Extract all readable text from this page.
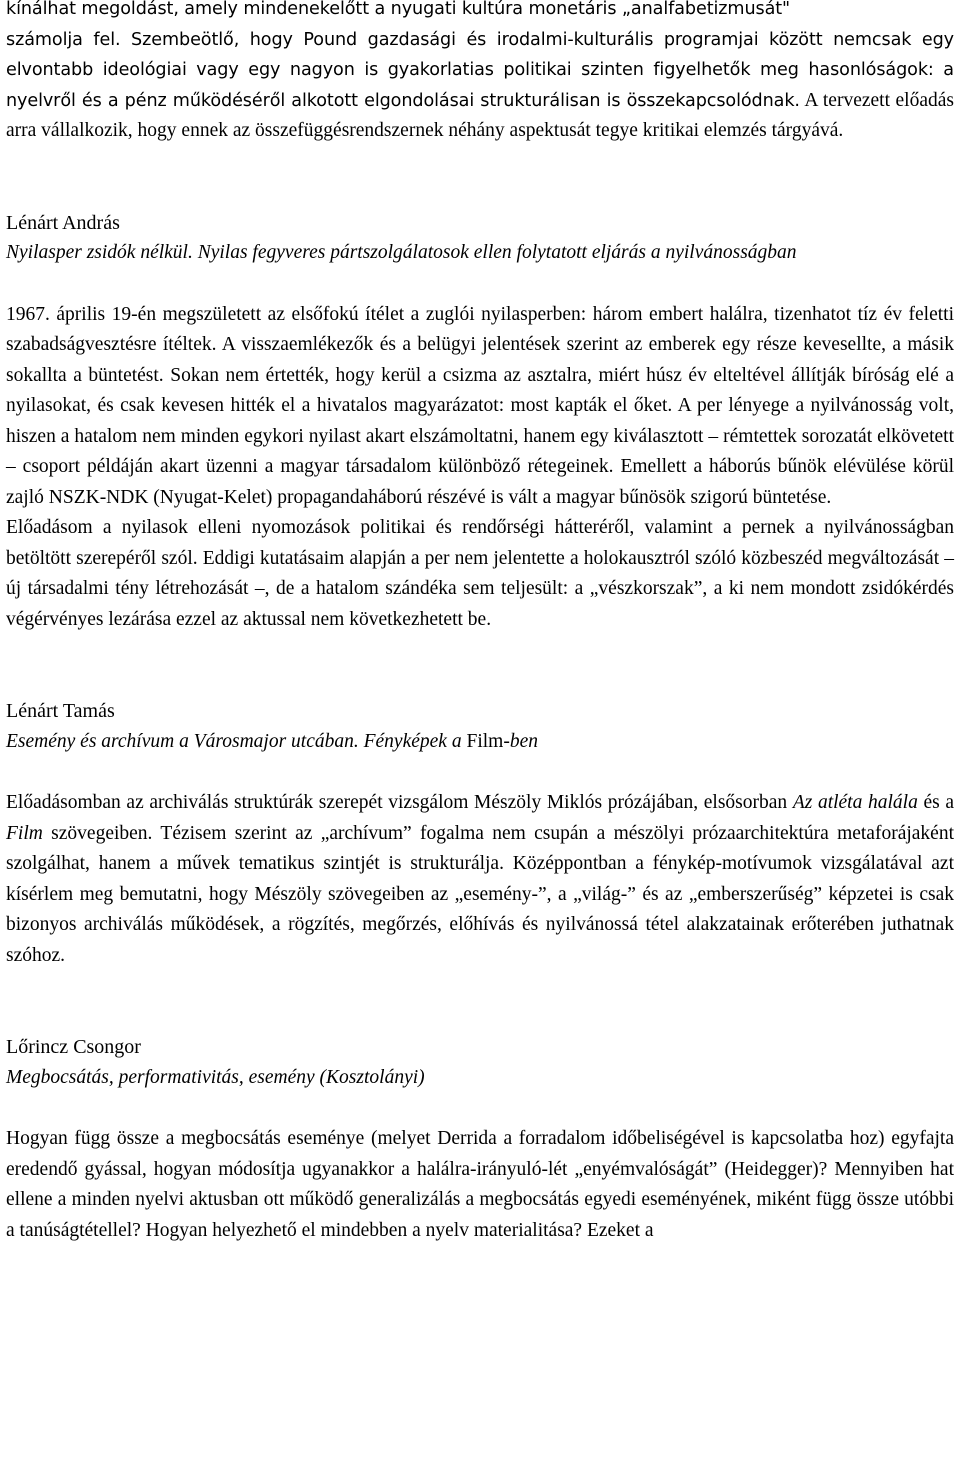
kínálhat megoldást, amely mindenekelőtt a nyugati kultúra monetáris „analfabetizmusát"
számolja fel. Szembeötlő, hogy Pound gazdasági és irodalmi-kulturális programjai között nemcsak egy elvontabb ideológiai vagy egy nagyon is gyakorlatias politikai szinten figyelhetők meg hasonlóságok: a nyelvről és a pénz működéséről alkotott elgondolásai strukturálisan is összekapcsolódnak. A tervezett előadás arra vállalkozik, hogy ennek az összefüggésrendszernek néhány aspektusát tegye kritikai elemzés tárgyává.

Lénárt András

Nyilasper zsidók nélkül. Nyilas fegyveres pártszolgálatosok ellen folytatott eljárás a nyilvánosságban

1967. április 19-én megszületett az elsőfokú ítélet a zuglói nyilasperben: három embert halálra, tizenhatot tíz év feletti szabadságvesztésre ítéltek. A visszaemlékezők és a belügyi jelentések szerint az emberek egy része kevesellte, a másik sokallta a büntetést. Sokan nem értették, hogy kerül a csizma az asztalra, miért húsz év elteltével állítják bíróság elé a nyilasokat, és csak kevesen hitték el a hivatalos magyarázatot: most kapták el őket. A per lényege a nyilvánosság volt, hiszen a hatalom nem minden egykori nyilast akart elszámoltatni, hanem egy kiválasztott – rémtettek sorozatát elkövetett – csoport példáján akart üzenni a magyar társadalom különböző rétegeinek. Emellett a háborús bűnök elévülése körül zajló NSZK-NDK (Nyugat-Kelet) propagandaháború részévé is vált a magyar bűnösök szigorú büntetése.

Előadásom a nyilasok elleni nyomozások politikai és rendőrségi hátteréről, valamint a pernek a nyilvánosságban betöltött szerepéről szól. Eddigi kutatásaim alapján a per nem jelentette a holokausztról szóló közbeszéd megváltozását – új társadalmi tény létrehozását –, de a hatalom szándéka sem teljesült: a „vészkorszak”, a ki nem mondott zsidókérdés végérvényes lezárása ezzel az aktussal nem következhetett be.

Lénárt Tamás

Esemény és archívum a Városmajor utcában. Fényképek a Film-ben

Előadásomban az archiválás struktúrák szerepét vizsgálom Mészöly Miklós prózájában, elsősorban Az atléta halála és a Film szövegeiben. Tézisem szerint az „archívum” fogalma nem csupán a mészölyi prózaarchitektúra metaforájaként szolgálhat, hanem a művek tematikus szintjét is strukturálja. Középpontban a fénykép-motívumok vizsgálatával azt kísérlem meg bemutatni, hogy Mészöly szövegeiben az „esemény-”, a „világ-” és az „emberszerűség” képzetei is csak bizonyos archiválás működések, a rögzítés, megőrzés, előhívás és nyilvánossá tétel alakzatainak erőterében juthatnak szóhoz.

Lőrincz Csongor

Megbocsátás, performativitás, esemény (Kosztolányi)

Hogyan függ össze a megbocsátás eseménye (melyet Derrida a forradalom időbeliségével is kapcsolatba hoz) egyfajta eredendő gyással, hogyan módosítja ugyanakkor a halálra-irányuló-lét „enyémvalóságát” (Heidegger)? Mennyiben hat ellene a minden nyelvi aktusban ott működő generalizálás a megbocsátás egyedi eseményének, miként függ össze utóbbi a tanúságtétellel? Hogyan helyezhető el mindebben a nyelv materialitása? Ezeket a
